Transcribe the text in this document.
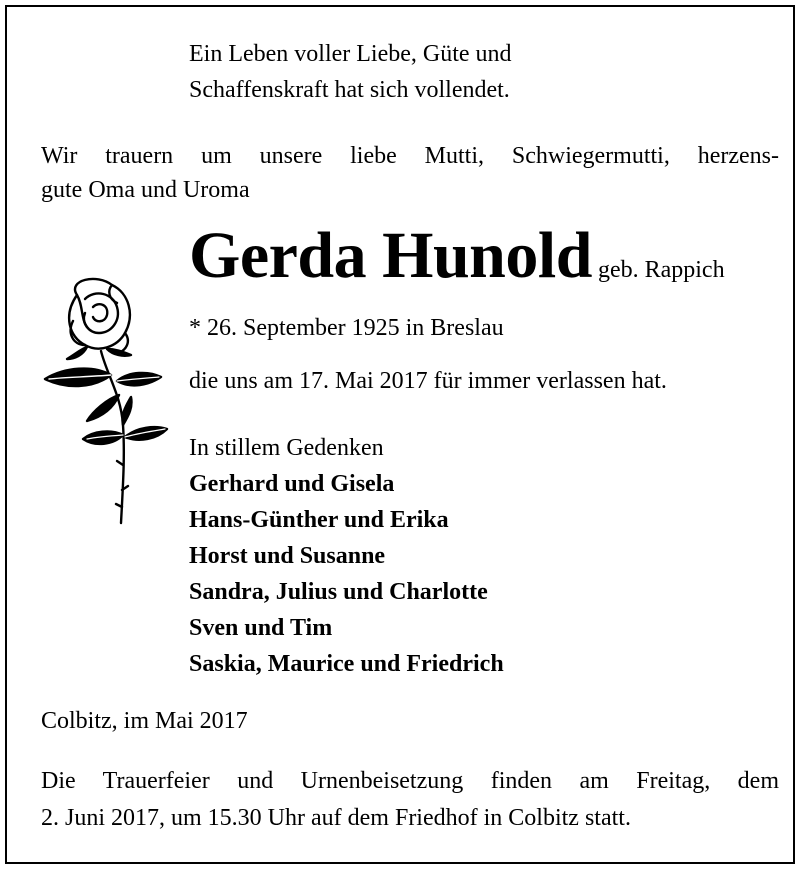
Ein Leben voller Liebe, Güte und
Schaffenskraft hat sich vollendet.
Wir trauern um unsere liebe Mutti, Schwiegermutti, herzens-
gute Oma und Uroma
Gerda Hunold geb. Rappich
* 26. September 1925 in Breslau
die uns am 17. Mai 2017 für immer verlassen hat.
In stillem Gedenken
Gerhard und Gisela
Hans-Günther und Erika
Horst und Susanne
Sandra, Julius und Charlotte
Sven und Tim
Saskia, Maurice und Friedrich
Colbitz, im Mai 2017
Die Trauerfeier und Urnenbeisetzung finden am Freitag, dem
2. Juni 2017, um 15.30 Uhr auf dem Friedhof in Colbitz statt.
